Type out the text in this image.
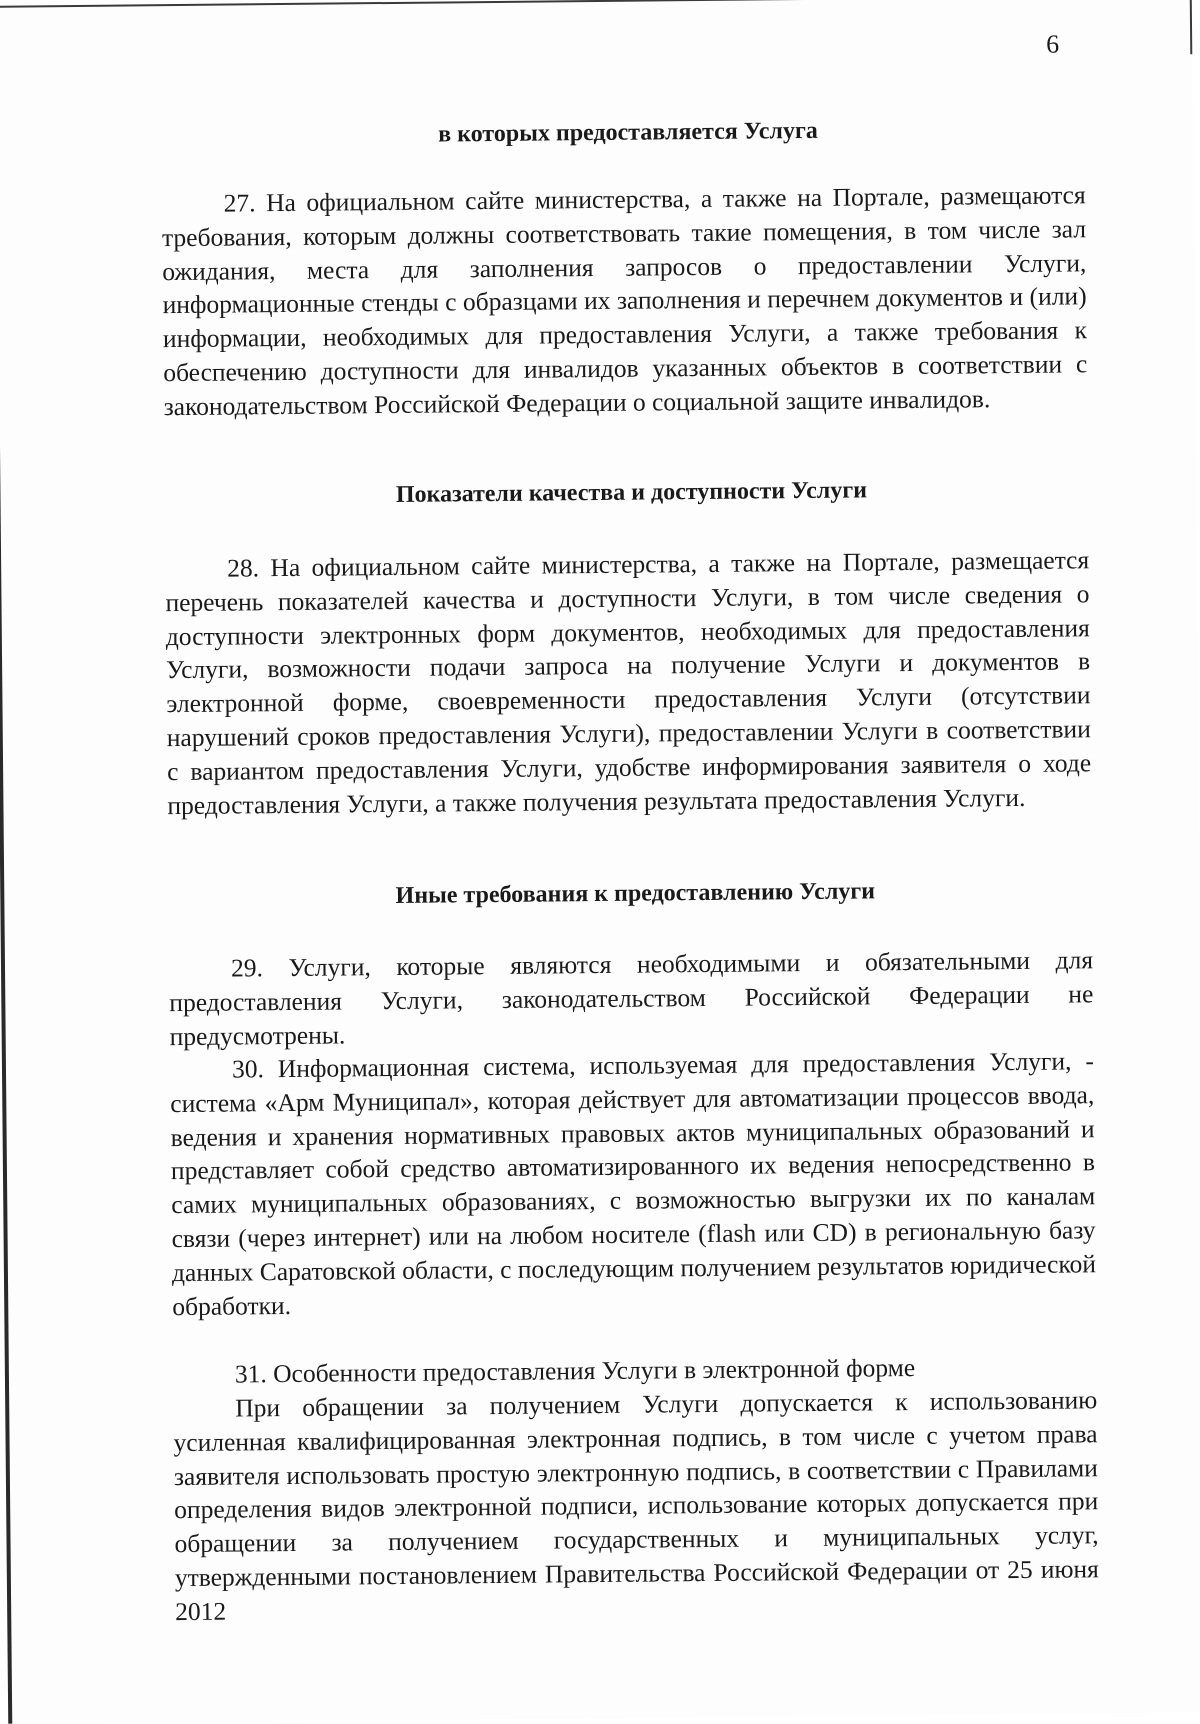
6
в которых предоставляется Услуга

27. На официальном сайте министерства, а также на Портале, размещаются требования, которым должны соответствовать такие помещения, в том числе зал ожидания, места для заполнения запросов о предоставлении Услуги, информационные стенды с образцами их заполнения и перечнем документов и (или) информации, необходимых для предоставления Услуги, а также требования к обеспечению доступности для инвалидов указанных объектов в соответствии с законодательством Российской Федерации о социальной защите инвалидов.

Показатели качества и доступности Услуги

28. На официальном сайте министерства, а также на Портале, размещается перечень показателей качества и доступности Услуги, в том числе сведения о доступности электронных форм документов, необходимых для предоставления Услуги, возможности подачи запроса на получение Услуги и документов в электронной форме, своевременности предоставления Услуги (отсутствии нарушений сроков предоставления Услуги), предоставлении Услуги в соответствии с вариантом предоставления Услуги, удобстве информирования заявителя о ходе предоставления Услуги, а также получения результата предоставления Услуги.

Иные требования к предоставлению Услуги

29. Услуги, которые являются необходимыми и обязательными для предоставления Услуги, законодательством Российской Федерации не предусмотрены.

30. Информационная система, используемая для предоставления Услуги, - система «Арм Муниципал», которая действует для автоматизации процессов ввода, ведения и хранения нормативных правовых актов муниципальных образований и представляет собой средство автоматизированного их ведения непосредственно в самих муниципальных образованиях, с возможностью выгрузки их по каналам связи (через интернет) или на любом носителе (flash или CD) в региональную базу данных Саратовской области, с последующим получением результатов юридической обработки.

31. Особенности предоставления Услуги в электронной форме

При обращении за получением Услуги допускается к использованию усиленная квалифицированная электронная подпись, в том числе с учетом права заявителя использовать простую электронную подпись, в соответствии с Правилами определения видов электронной подписи, использование которых допускается при обращении за получением государственных и муниципальных услуг, утвержденными постановлением Правительства Российской Федерации от 25 июня 2012
